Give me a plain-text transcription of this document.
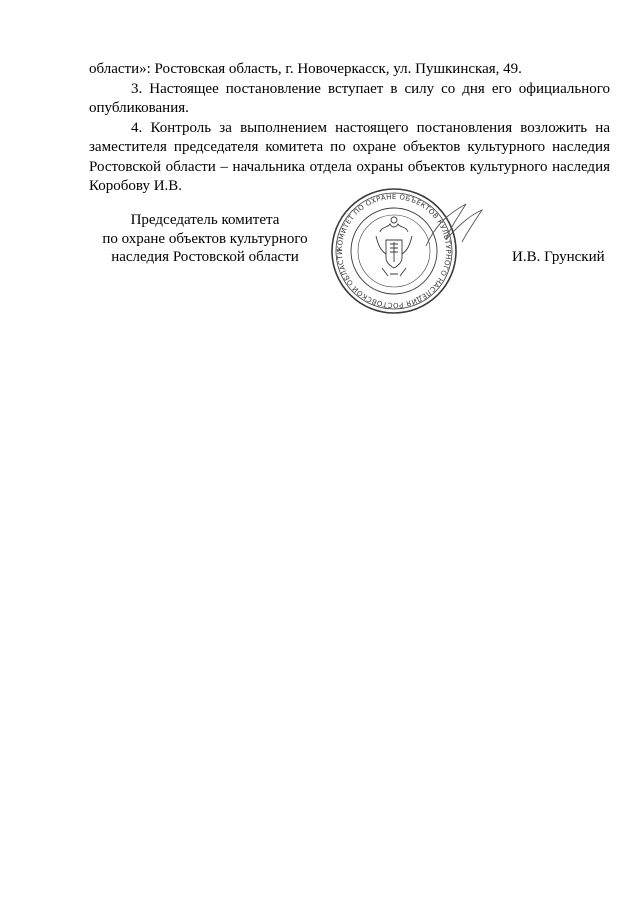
области»: Ростовская область, г. Новочеркасск, ул. Пушкинская, 49.

3. Настоящее постановление вступает в силу со дня его официального опубликования.

4. Контроль за выполнением настоящего постановления возложить на заместителя председателя комитета по охране объектов культурного наследия Ростовской области – начальника отдела охраны объектов культурного наследия Коробову И.В.

Председатель комитета
по охране объектов культурного
наследия Ростовской области
КОМИТЕТ ПО ОХРАНЕ ОБЪЕКТОВ КУЛЬТУРНОГО НАСЛЕДИЯ РОСТОВСКОЙ ОБЛАСТИ	И.В. Грунский
